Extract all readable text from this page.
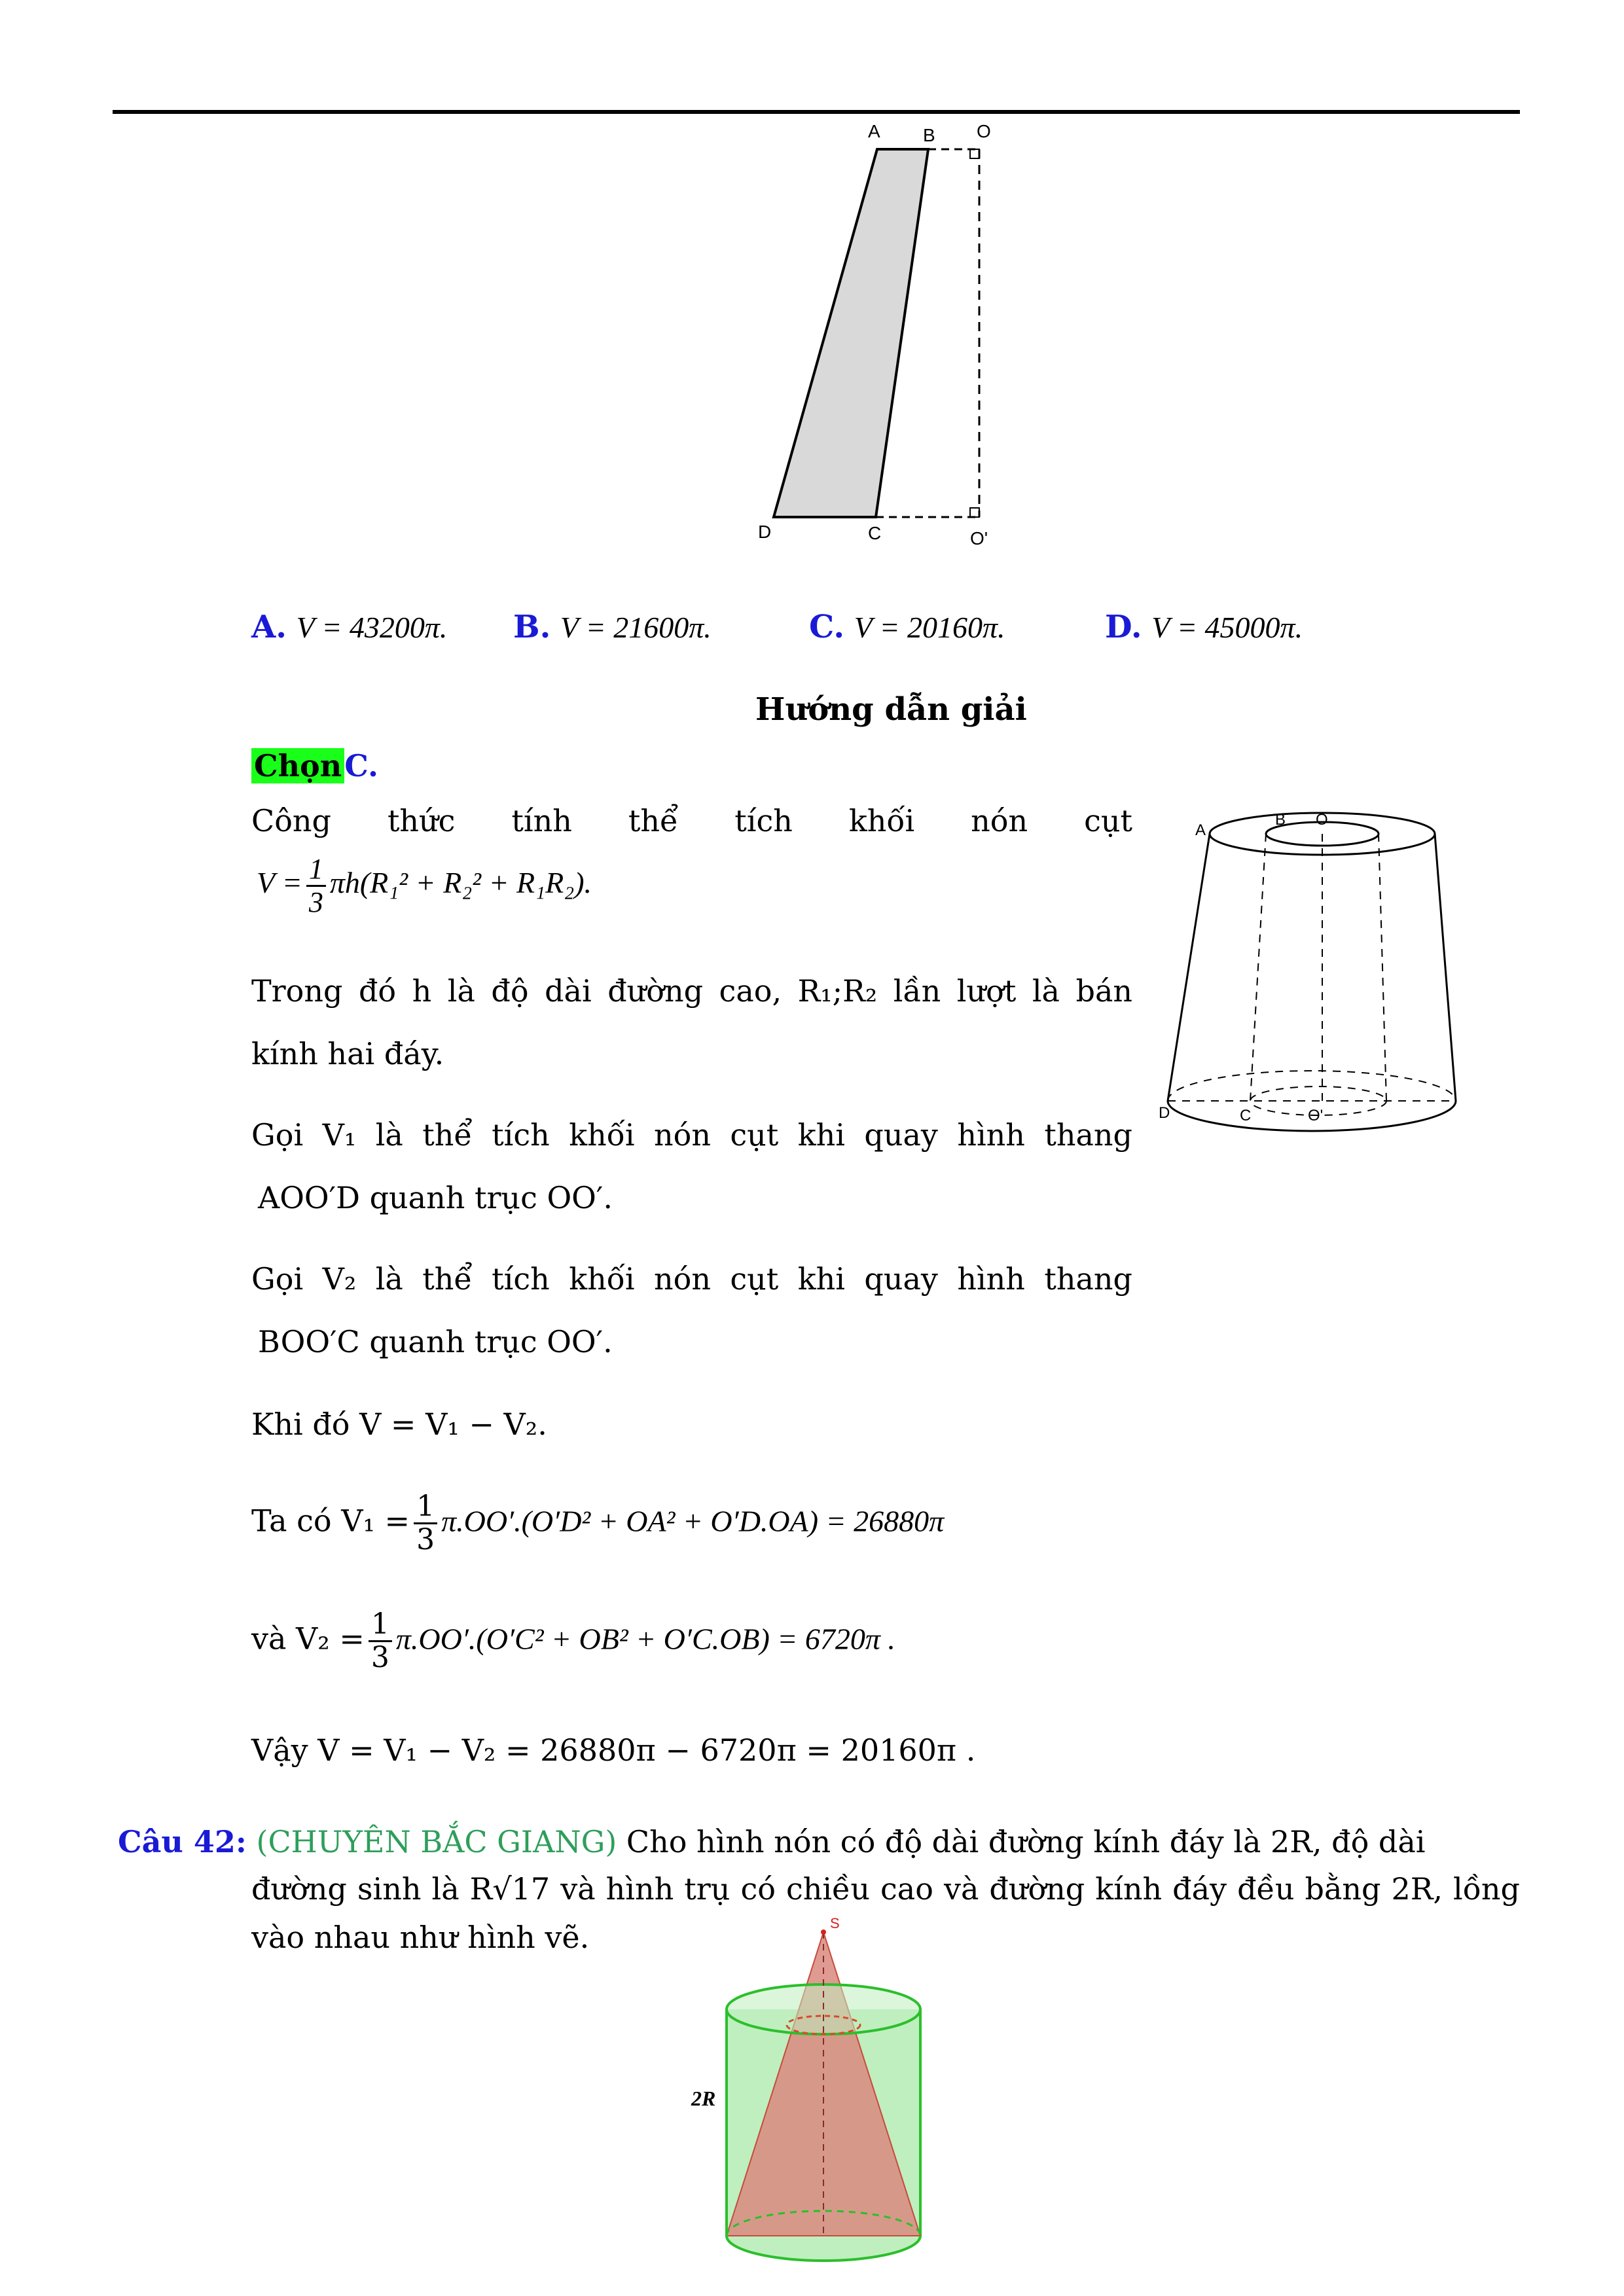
A B O
D	C	O'
A. V = 43200π. B. V = 21600π.	C. V = 20160π.	D. V = 45000π.
Hướng dẫn giải
ChọnC.
Công thức tính thể tích khối nón cụt
$V = \frac{1}{3} \pi h(R_1^2 + R_2^2 + R_1R_2)$.
Trong đó h là độ dài đường cao, R₁;R₂ lần lượt là bán
kính hai đáy.
Gọi V₁ là thể tích khối nón cụt khi quay hình thang
AOO′D quanh trục OO′.
Gọi V₂ là thể tích khối nón cụt khi quay hình thang
BOO′C quanh trục OO′.
Khi đó V = V₁ − V₂.
Ta có $V_1 = \frac{1}{3} \pi.OO'.(O'D^2 + OA^2 + O'D.OA) = 26880\pi$
và $V_2 = \frac{1}{3} \pi.OO'.(O'C^2 + OB^2 + O'C.OB) = 6720\pi$ .
Vậy V = V₁ − V₂ = 26880π − 6720π = 20160π .
A
B O
D	C	O'
Câu 42: (CHUYÊN BẮC GIANG) Cho hình nón có độ dài đường kính đáy là 2R, độ dài
đường sinh là R√17 và hình trụ có chiều cao và đường kính đáy đều bằng 2R, lồng
vào nhau như hình vẽ.	S
2R
